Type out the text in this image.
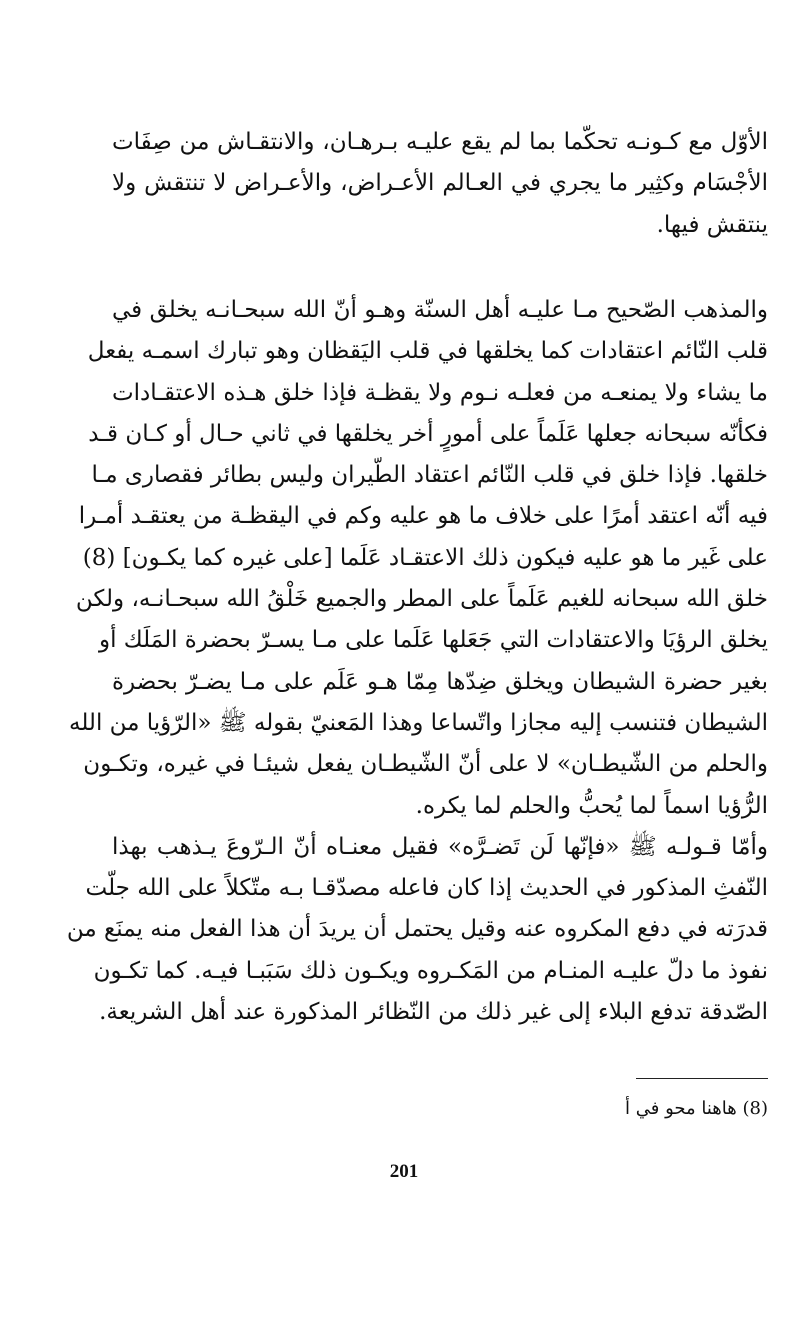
الأوّل مع كـونـه تحكّما بما لم يقع عليـه بـرهـان، والانتقـاش من صِفَات
الأجْسَام وكثِير ما يجري في العـالم الأعـراض، والأعـراض لا تنتقش ولا
ينتقش فيها.
والمذهب الصّحيح مـا عليـه أهل السنّة وهـو أنّ الله سبحـانـه يخلق في
قلب النّائم اعتقادات كما يخلقها في قلب اليَقظان وهو تبارك اسمـه يفعل
ما يشاء ولا يمنعـه من فعلـه نـوم ولا يقظـة فإذا خلق هـذه الاعتقـادات
فكأنّه سبحانه جعلها عَلَماً على أمورٍ أخر يخلقها في ثاني حـال أو كـان قـد
خلقها. فإذا خلق في قلب النّائم اعتقاد الطّيران وليس بطائر فقصارى مـا
فيه أنّه اعتقد أمرًا على خلاف ما هو عليه وكم في اليقظـة من يعتقـد أمـرا
على غَير ما هو عليه فيكون ذلك الاعتقـاد عَلَما [على غيره كما يكـون] (8)
خلق الله سبحانه للغيم عَلَماً على المطر والجميع خَلْقُ الله سبحـانـه، ولكن
يخلق الرؤيَا والاعتقادات التي جَعَلها عَلَما على مـا يسـرّ بحضرة المَلَك أو
بغير حضرة الشيطان ويخلق ضِدّها مِمّا هـو عَلَم على مـا يضـرّ بحضرة
الشيطان فتنسب إليه مجازا واتّساعا وهذا المَعنيّ بقوله ﷺ «الرّؤيا من الله
والحلم من الشّيطـان» لا على أنّ الشّيطـان يفعل شيئـا في غيره، وتكـون
الرُّؤيا اسماً لما يُحبُّ والحلم لما يكره.
وأمّا قـولـه ﷺ «فإنّها لَن تَضـرَّه» فقيل معنـاه أنّ الـرّوعَ يـذهب بهذا
النّفثِ المذكور في الحديث إذا كان فاعله مصدّقـا بـه متّكلاً على الله جلّت
قدرَته في دفع المكروه عنه وقيل يحتمل أن يريدَ أن هذا الفعل منه يمنَع من
نفوذ ما دلّ عليـه المنـام من المَكـروه ويكـون ذلك سَبَبـا فيـه. كما تكـون
الصّدقة تدفع البلاء إلى غير ذلك من النّظائر المذكورة عند أهل الشريعة.
(8) هاهنا محو في أ
201
